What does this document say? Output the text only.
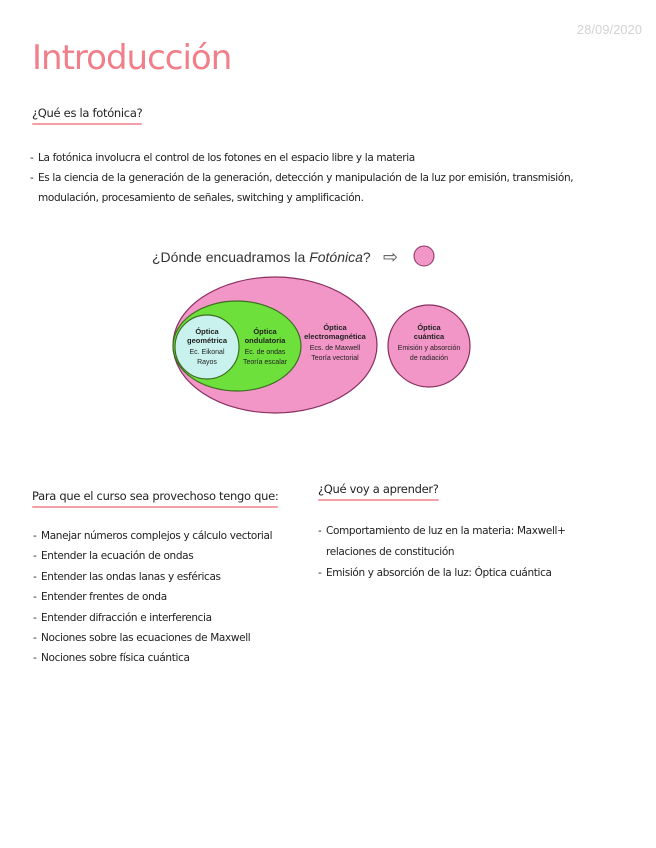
28/09/2020
Introducción
¿Qué es la fotónica?
- La fotónica involucra el control de los fotones en el espacio libre y la materia
- Es la ciencia de la generación de la generación, detección y manipulación de la luz por emisión, transmisión, modulación, procesamiento de señales, switching y amplificación.
¿Dónde encuadramos la Fotónica? ⇨
Óptica
geométrica
Ec. Eikonal
Rayos
Óptica
ondulatoria
Ec. de ondas
Teoría escalar
Óptica
electromagnética
Ecs. de Maxwell
Teoría vectorial
Óptica
cuántica
Emisión y absorción
de radiación
Para que el curso sea provechoso tengo que:
- Manejar números complejos y cálculo vectorial
- Entender la ecuación de ondas
- Entender las ondas lanas y esféricas
- Entender frentes de onda
- Entender difracción e interferencia
- Nociones sobre las ecuaciones de Maxwell
- Nociones sobre física cuántica
¿Qué voy a aprender?
- Comportamiento de luz en la materia: Maxwell+ relaciones de constitución
- Emisión y absorción de la luz: Óptica cuántica
